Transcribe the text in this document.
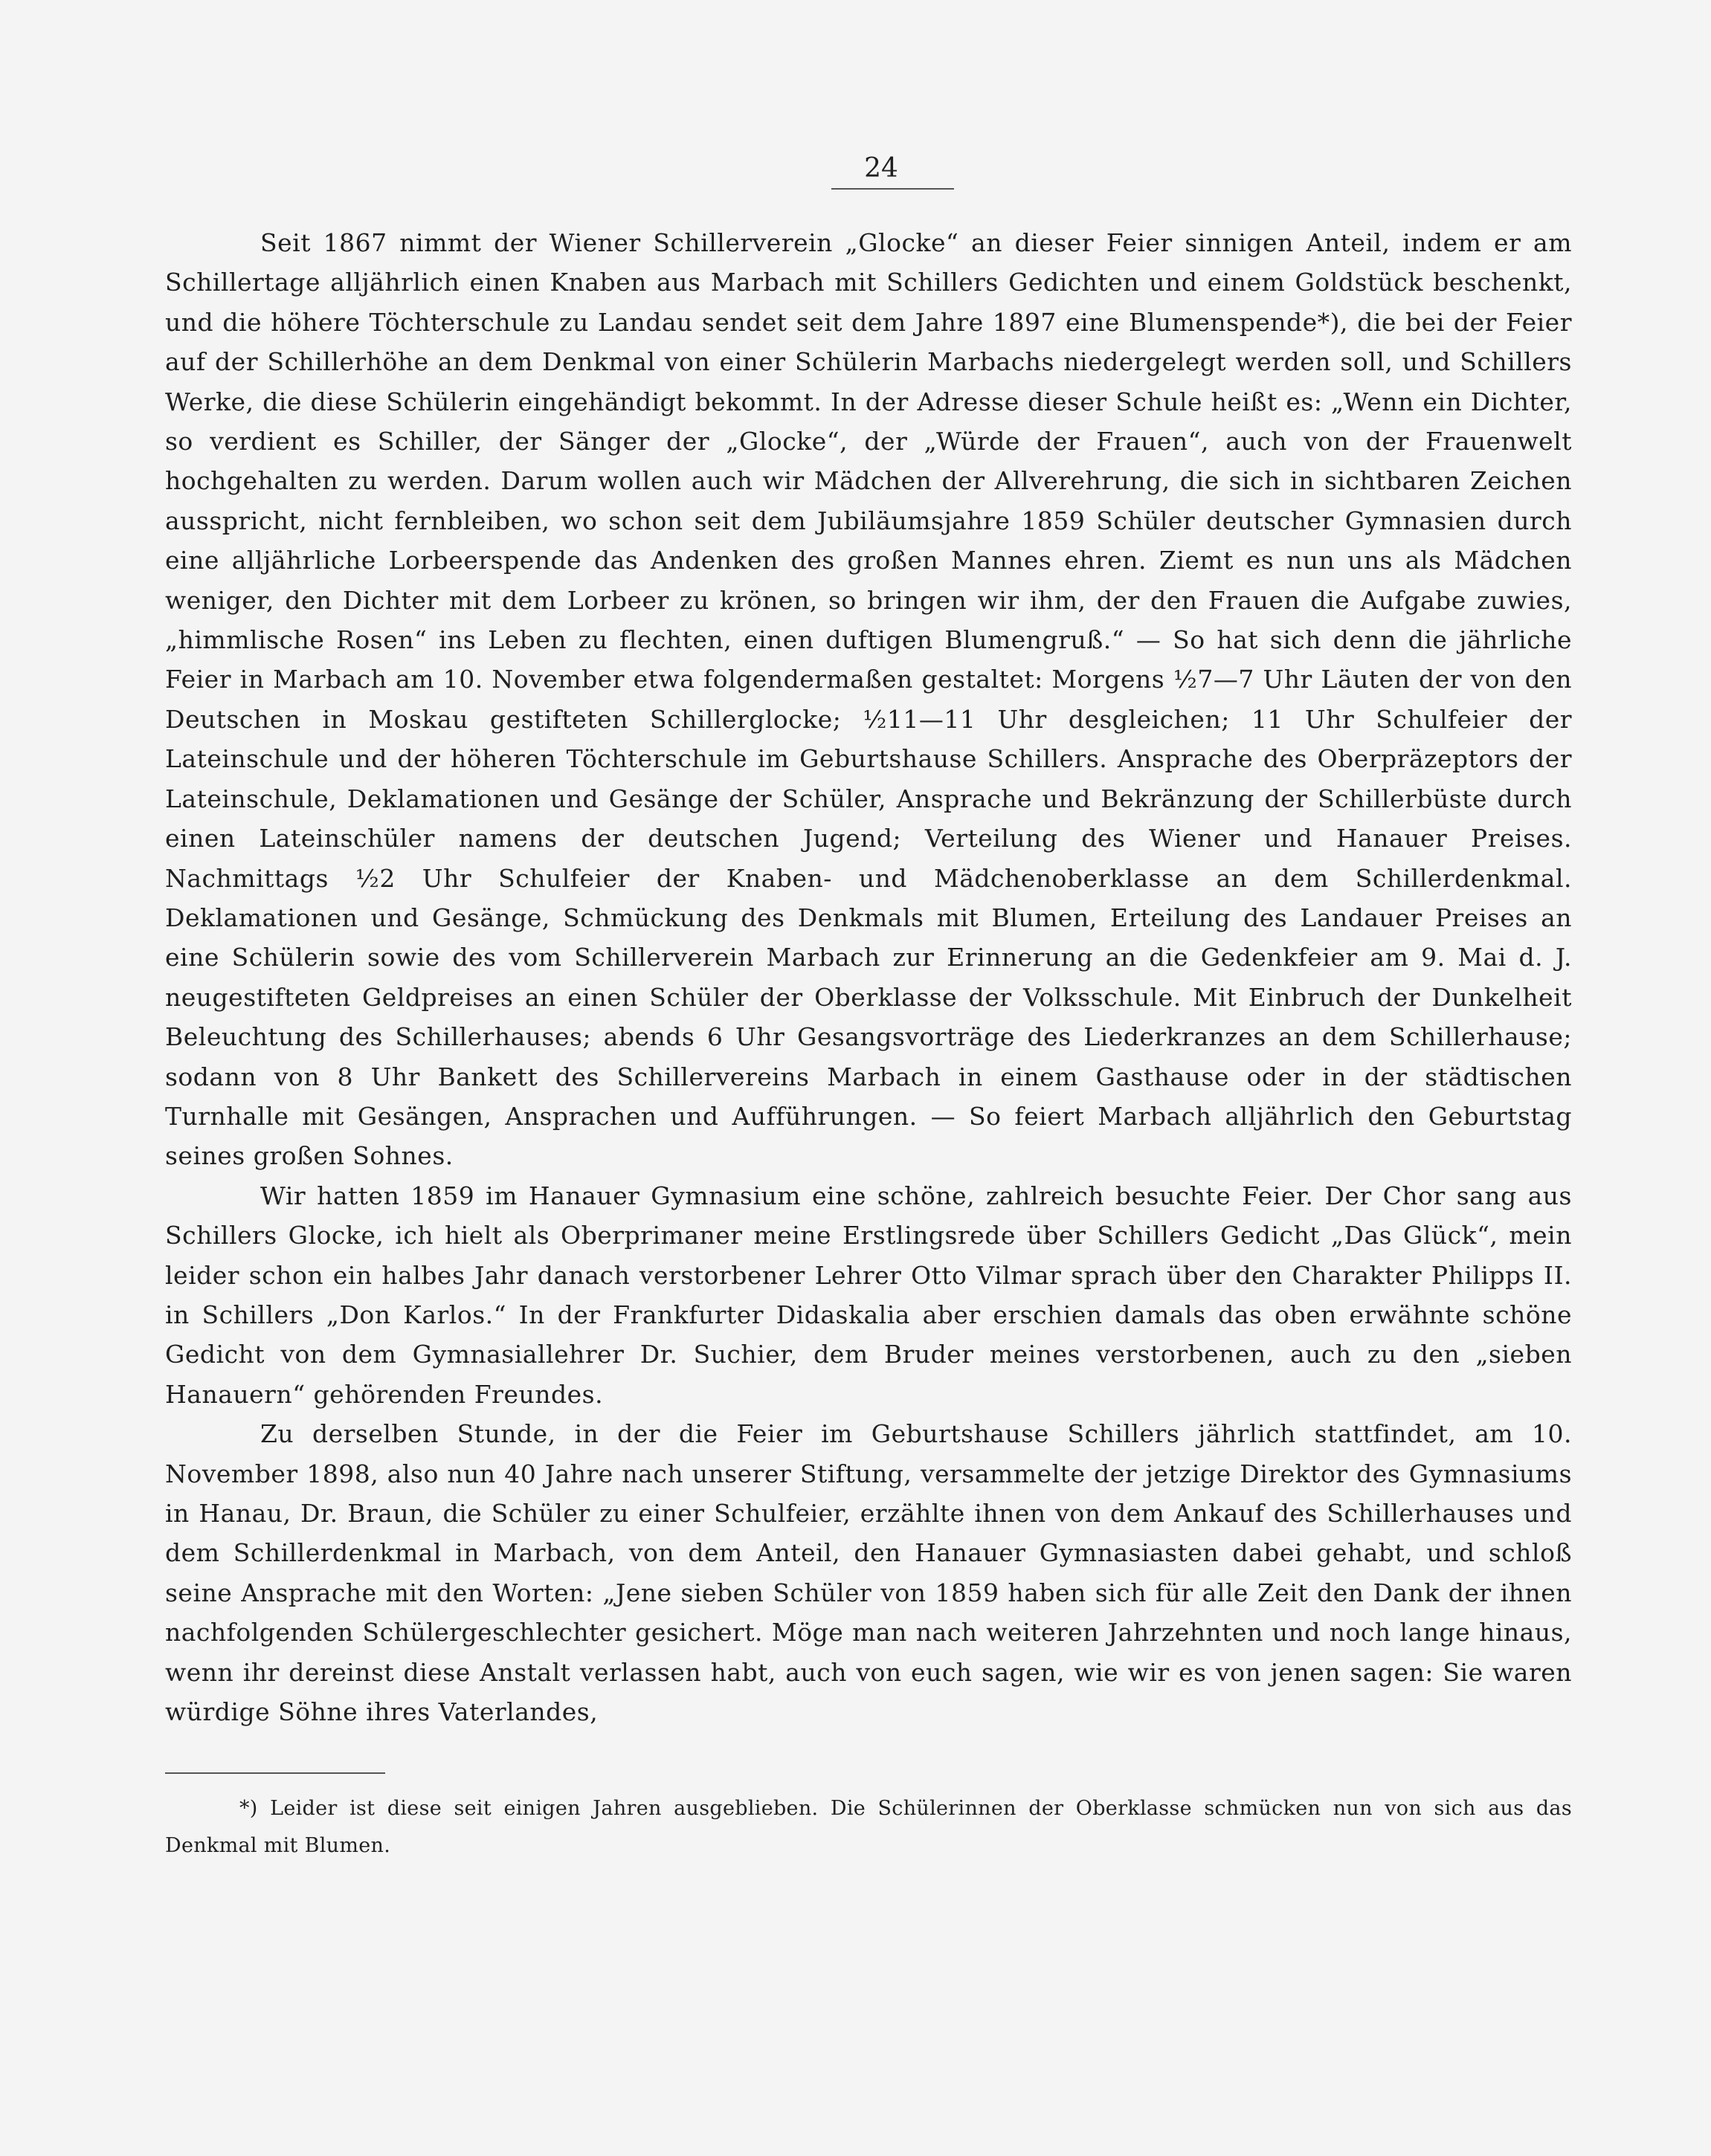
24

Seit 1867 nimmt der Wiener Schillerverein „Glocke“ an dieser Feier sinnigen Anteil, indem er am Schillertage alljährlich einen Knaben aus Marbach mit Schillers Gedichten und einem Goldstück beschenkt, und die höhere Töchterschule zu Landau sendet seit dem Jahre 1897 eine Blumenspende*), die bei der Feier auf der Schillerhöhe an dem Denkmal von einer Schülerin Marbachs niedergelegt werden soll, und Schillers Werke, die diese Schülerin eingehändigt bekommt. In der Adresse dieser Schule heißt es: „Wenn ein Dichter, so verdient es Schiller, der Sänger der „Glocke“, der „Würde der Frauen“, auch von der Frauenwelt hochgehalten zu werden. Darum wollen auch wir Mädchen der Allverehrung, die sich in sichtbaren Zeichen ausspricht, nicht fernbleiben, wo schon seit dem Jubiläumsjahre 1859 Schüler deutscher Gymnasien durch eine alljährliche Lorbeerspende das Andenken des großen Mannes ehren. Ziemt es nun uns als Mädchen weniger, den Dichter mit dem Lorbeer zu krönen, so bringen wir ihm, der den Frauen die Aufgabe zuwies, „himmlische Rosen“ ins Leben zu flechten, einen duftigen Blumengruß.“ — So hat sich denn die jährliche Feier in Marbach am 10. November etwa folgendermaßen gestaltet: Morgens ½7—7 Uhr Läuten der von den Deutschen in Moskau gestifteten Schillerglocke; ½11—11 Uhr desgleichen; 11 Uhr Schulfeier der Lateinschule und der höheren Töchterschule im Geburtshause Schillers. Ansprache des Oberpräzeptors der Lateinschule, Deklamationen und Gesänge der Schüler, Ansprache und Bekränzung der Schillerbüste durch einen Lateinschüler namens der deutschen Jugend; Verteilung des Wiener und Hanauer Preises. Nachmittags ½2 Uhr Schulfeier der Knaben- und Mädchenoberklasse an dem Schillerdenkmal. Deklamationen und Gesänge, Schmückung des Denkmals mit Blumen, Erteilung des Landauer Preises an eine Schülerin sowie des vom Schillerverein Marbach zur Erinnerung an die Gedenkfeier am 9. Mai d. J. neugestifteten Geldpreises an einen Schüler der Oberklasse der Volksschule. Mit Einbruch der Dunkelheit Beleuchtung des Schillerhauses; abends 6 Uhr Gesangsvorträge des Liederkranzes an dem Schillerhause; sodann von 8 Uhr Bankett des Schillervereins Marbach in einem Gasthause oder in der städtischen Turnhalle mit Gesängen, Ansprachen und Aufführungen. — So feiert Marbach alljährlich den Geburtstag seines großen Sohnes.

Wir hatten 1859 im Hanauer Gymnasium eine schöne, zahlreich besuchte Feier. Der Chor sang aus Schillers Glocke, ich hielt als Oberprimaner meine Erstlingsrede über Schillers Gedicht „Das Glück“, mein leider schon ein halbes Jahr danach verstorbener Lehrer Otto Vilmar sprach über den Charakter Philipps II. in Schillers „Don Karlos.“ In der Frankfurter Didaskalia aber erschien damals das oben erwähnte schöne Gedicht von dem Gymnasiallehrer Dr. Suchier, dem Bruder meines verstorbenen, auch zu den „sieben Hanauern“ gehörenden Freundes.

Zu derselben Stunde, in der die Feier im Geburtshause Schillers jährlich stattfindet, am 10. November 1898, also nun 40 Jahre nach unserer Stiftung, versammelte der jetzige Direktor des Gymnasiums in Hanau, Dr. Braun, die Schüler zu einer Schulfeier, erzählte ihnen von dem Ankauf des Schillerhauses und dem Schillerdenkmal in Marbach, von dem Anteil, den Hanauer Gymnasiasten dabei gehabt, und schloß seine Ansprache mit den Worten: „Jene sieben Schüler von 1859 haben sich für alle Zeit den Dank der ihnen nachfolgenden Schülergeschlechter gesichert. Möge man nach weiteren Jahrzehnten und noch lange hinaus, wenn ihr dereinst diese Anstalt verlassen habt, auch von euch sagen, wie wir es von jenen sagen: Sie waren würdige Söhne ihres Vaterlandes,

*) Leider ist diese seit einigen Jahren ausgeblieben. Die Schülerinnen der Oberklasse schmücken nun von sich aus das Denkmal mit Blumen.
